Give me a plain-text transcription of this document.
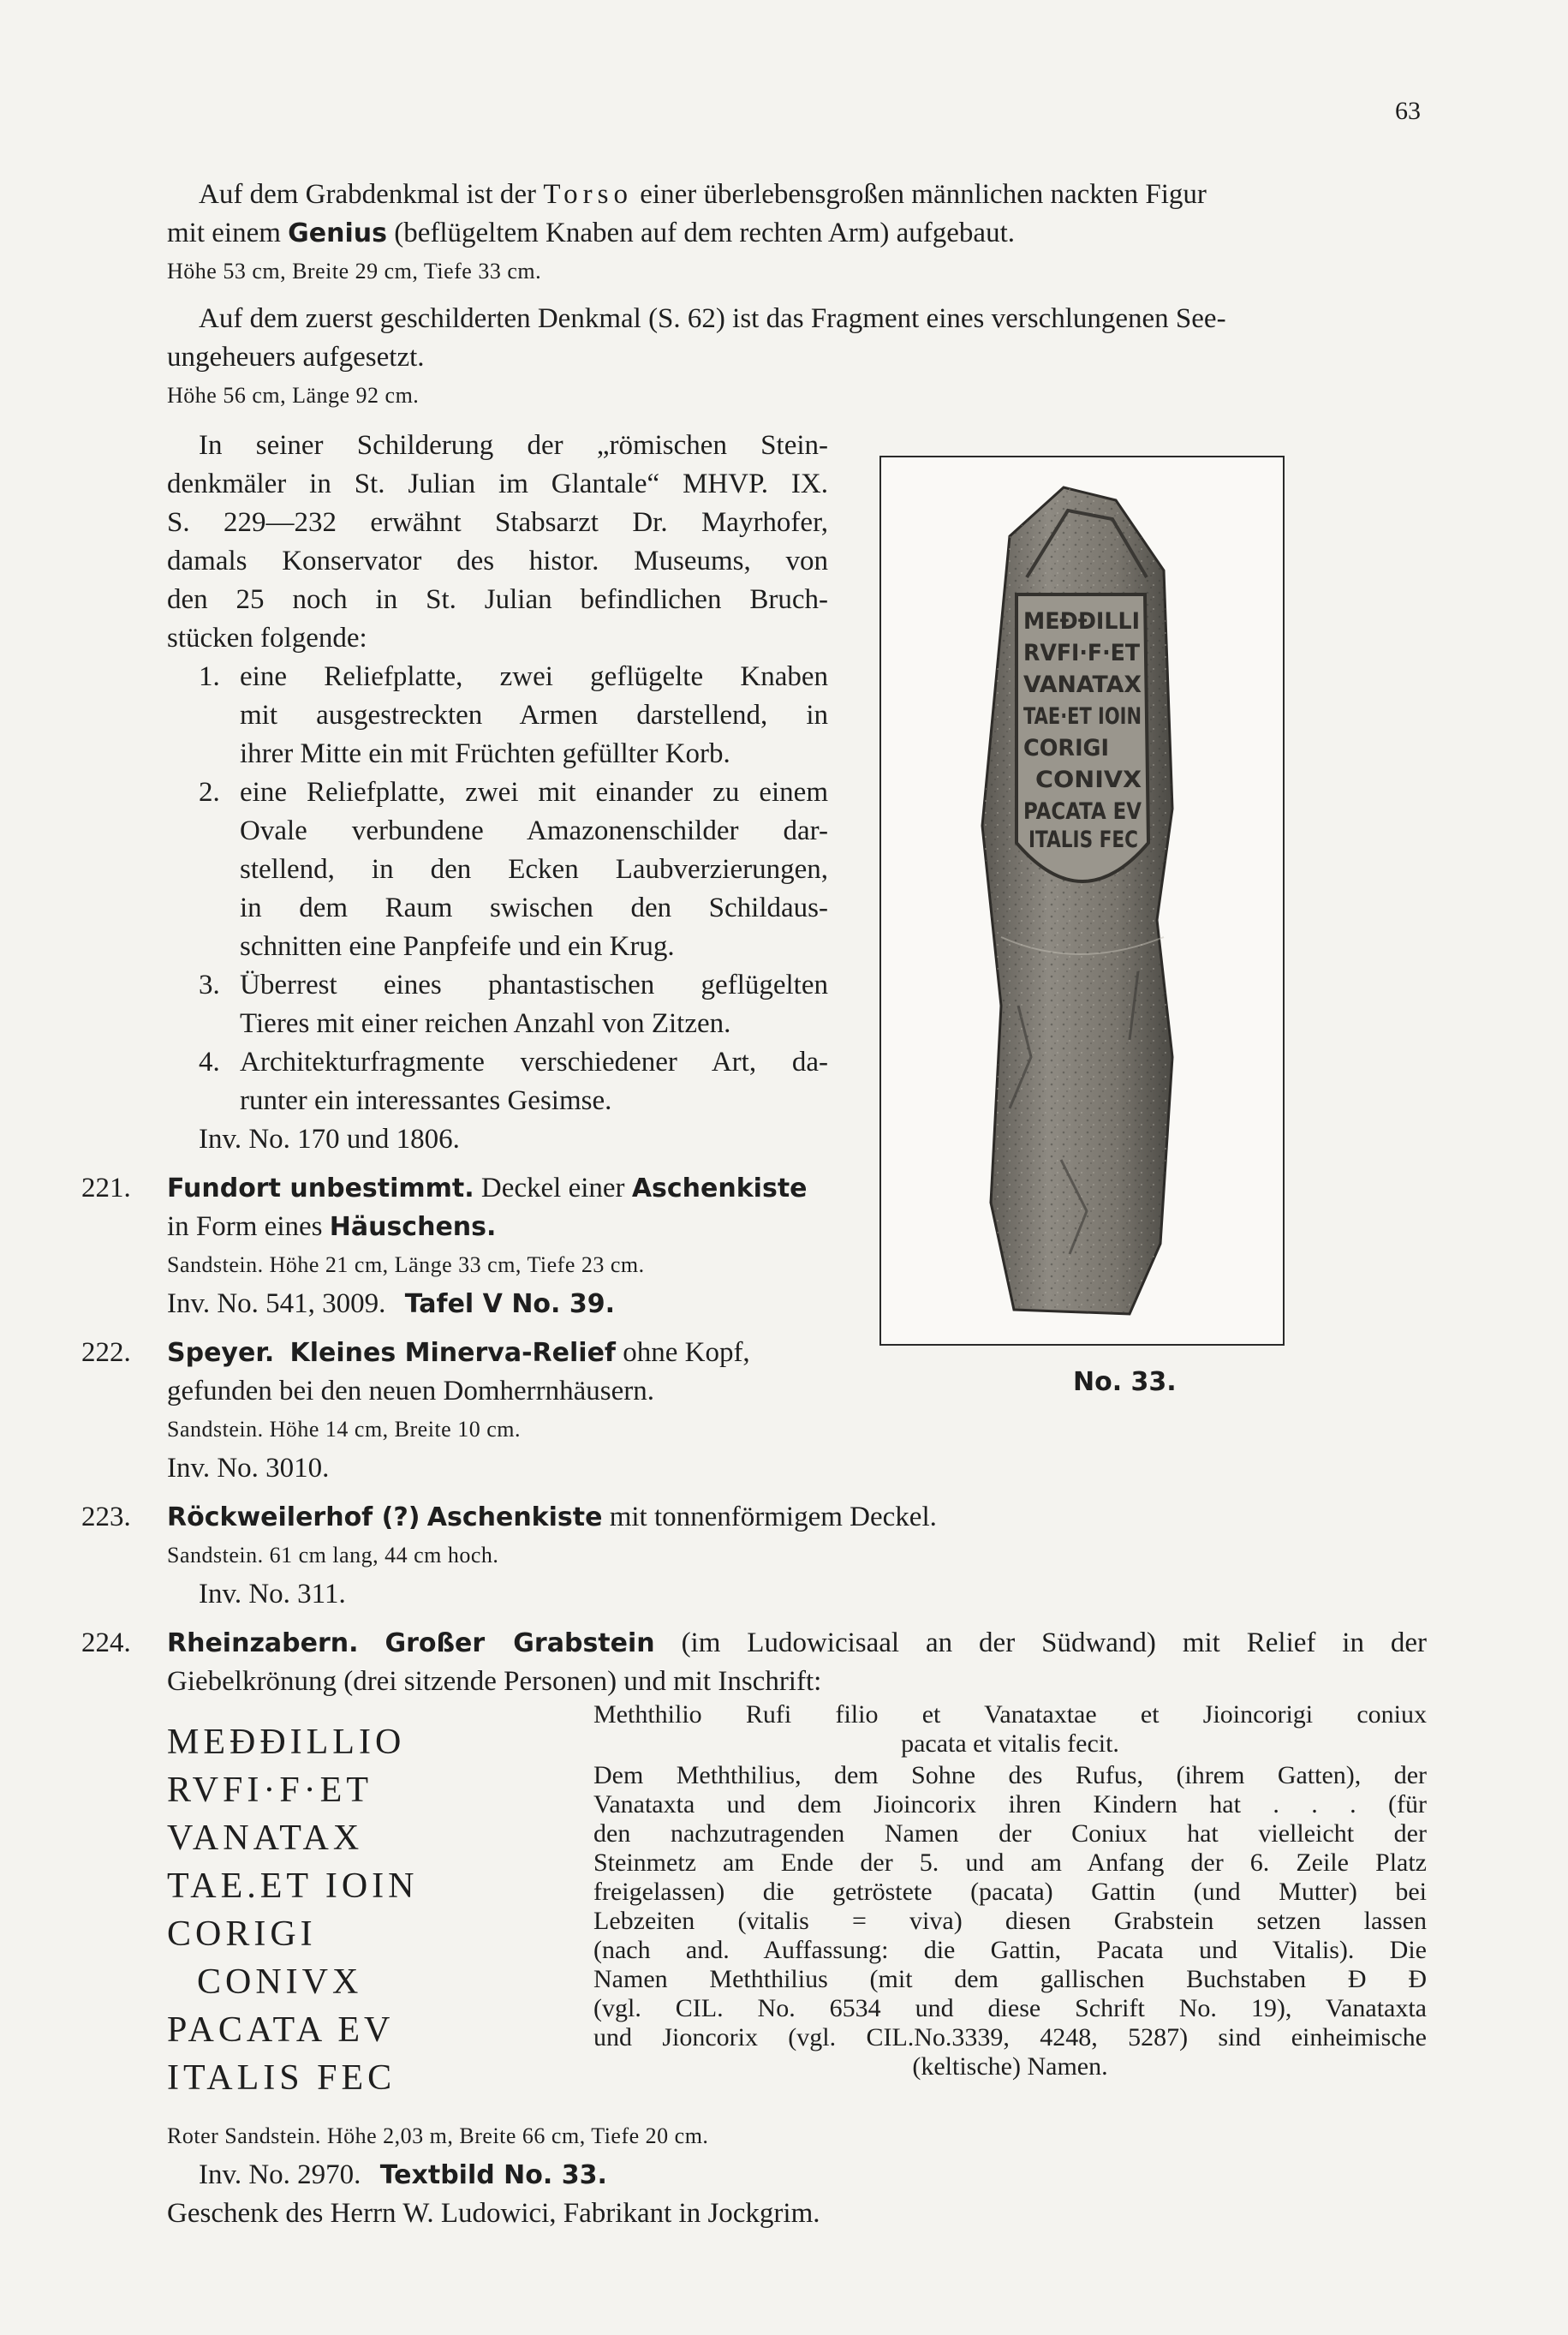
63
Auf dem Grabdenkmal ist der Torso einer überlebensgroßen männlichen nackten Figur
mit einem Genius (beflügeltem Knaben auf dem rechten Arm) aufgebaut.
Höhe 53 cm, Breite 29 cm, Tiefe 33 cm.
Auf dem zuerst geschilderten Denkmal (S. 62) ist das Fragment eines verschlungenen See-
ungeheuers aufgesetzt.
Höhe 56 cm, Länge 92 cm.
In seiner Schilderung der „römischen Stein-
denkmäler in St. Julian im Glantale“ MHVP. IX.
S. 229—232 erwähnt Stabsarzt Dr. Mayrhofer,
damals Konservator des histor. Museums, von
den 25 noch in St. Julian befindlichen Bruch-
stücken folgende:
1. eine Reliefplatte, zwei geflügelte Knaben
mit ausgestreckten Armen darstellend, in
ihrer Mitte ein mit Früchten gefüllter Korb.
2. eine Reliefplatte, zwei mit einander zu einem
Ovale verbundene Amazonenschilder dar-
stellend, in den Ecken Laubverzierungen,
in dem Raum swischen den Schildaus-
schnitten eine Panpfeife und ein Krug.
3. Überrest eines phantastischen geflügelten
Tieres mit einer reichen Anzahl von Zitzen.
4. Architekturfragmente verschiedener Art, da-
runter ein interessantes Gesimse.
Inv. No. 170 und 1806.
221. Fundort unbestimmt. Deckel einer Aschenkiste
in Form eines Häuschens.
Sandstein. Höhe 21 cm, Länge 33 cm, Tiefe 23 cm.
Inv. No. 541, 3009. Tafel V No. 39.
222. Speyer. Kleines Minerva-Relief ohne Kopf,
gefunden bei den neuen Domherrnhäusern.
Sandstein. Höhe 14 cm, Breite 10 cm.
Inv. No. 3010.
223. Röckweilerhof (?) Aschenkiste mit tonnenförmigem Deckel.
Sandstein. 61 cm lang, 44 cm hoch.
Inv. No. 311.
224. Rheinzabern. Großer Grabstein (im Ludowicisaal an der Südwand) mit Relief in der
Giebelkrönung (drei sitzende Personen) und mit Inschrift:
MEÐÐILLIO
RVFI·F·ET
VANATAX
TAE.ET IOIN
CORIGI
CONIVX
PACATA EV
ITALIS FEC
Meththilio Rufi filio et Vanataxtae et Jioincorigi coniux
pacata et vitalis fecit.
Dem Meththilius, dem Sohne des Rufus, (ihrem Gatten), der
Vanataxta und dem Jioincorix ihren Kindern hat . . . (für
den nachzutragenden Namen der Coniux hat vielleicht der
Steinmetz am Ende der 5. und am Anfang der 6. Zeile Platz
freigelassen) die getröstete (pacata) Gattin (und Mutter) bei
Lebzeiten (vitalis = viva) diesen Grabstein setzen lassen
(nach and. Auffassung: die Gattin, Pacata und Vitalis). Die
Namen Meththilius (mit dem gallischen Buchstaben Ð Ð
(vgl. CIL. No. 6534 und diese Schrift No. 19), Vanataxta
und Jioncorix (vgl. CIL.No.3339, 4248, 5287) sind einheimische
(keltische) Namen.
Roter Sandstein. Höhe 2,03 m, Breite 66 cm, Tiefe 20 cm.
Inv. No. 2970. Textbild No. 33.
Geschenk des Herrn W. Ludowici, Fabrikant in Jockgrim.
MEÐÐILLI
RVFI·F·ET
VANATAX
TAE·ET IOIN
CORIGI
CONIVX
PACATA EV
ITALIS FEC
No. 33.
